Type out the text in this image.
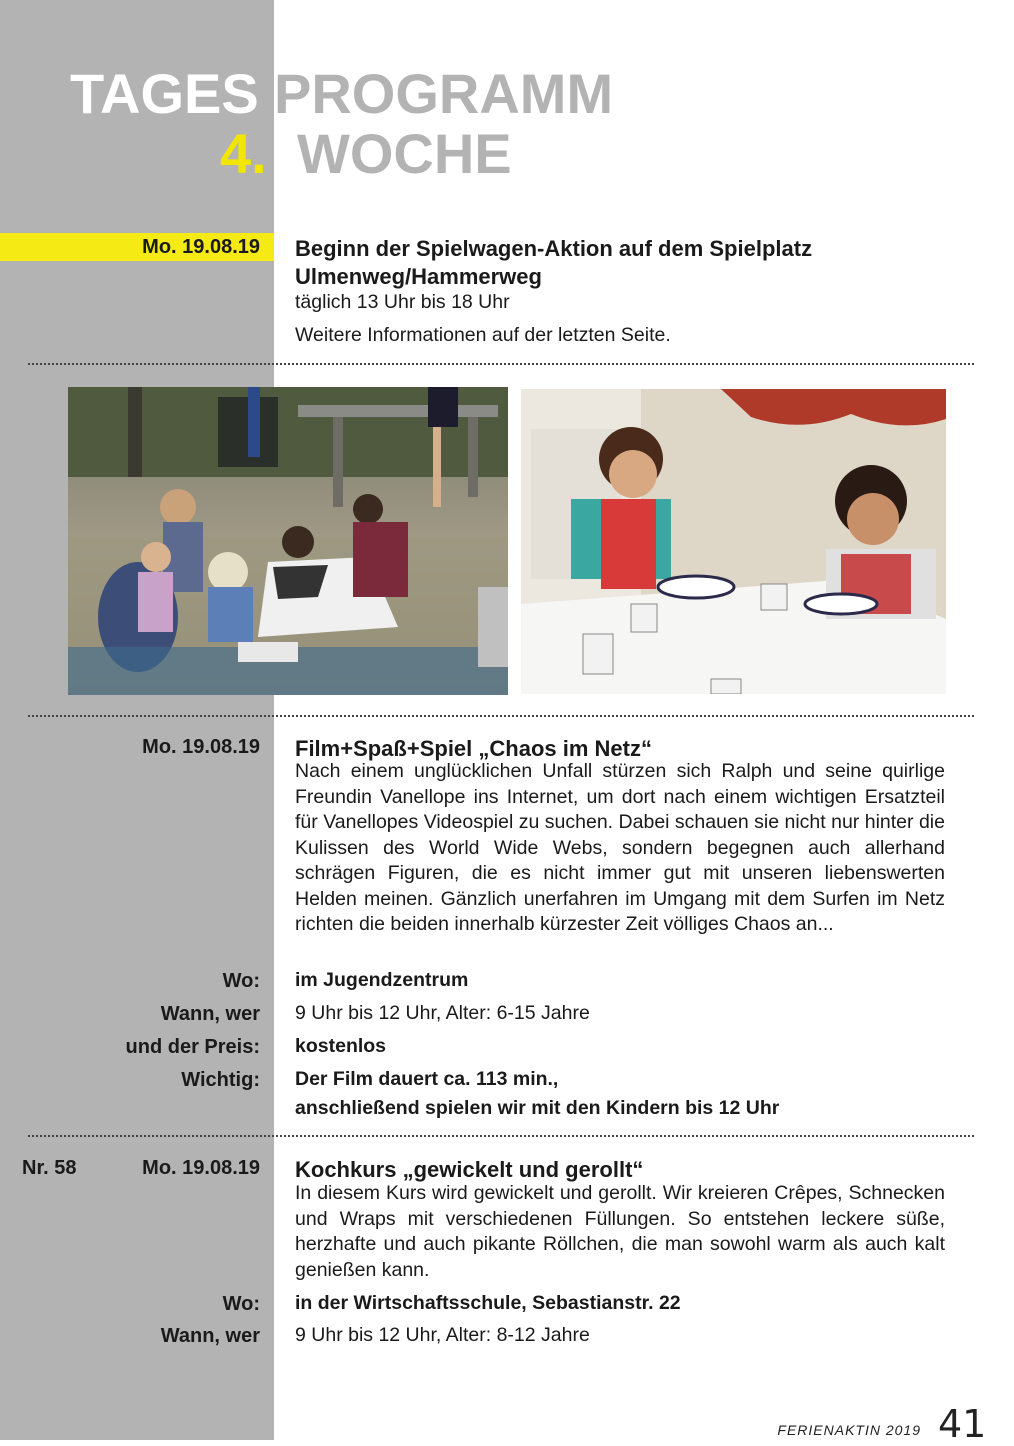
TAGES PROGRAMM
4. WOCHE
Mo. 19.08.19 Beginn der Spielwagen-Aktion auf dem Spielplatz
Ulmenweg/Hammerweg
täglich 13 Uhr bis 18 Uhr
Weitere Informationen auf der letzten Seite.
Mo. 19.08.19 Film+Spaß+Spiel „Chaos im Netz“
Nach einem unglücklichen Unfall stürzen sich Ralph und seine quirlige Freundin Vanellope ins Internet, um dort nach einem wichtigen Ersatzteil für Vanellopes Videospiel zu suchen. Dabei schauen sie nicht nur hinter die Kulissen des World Wide Webs, sondern begegnen auch allerhand schrägen Figuren, die es nicht immer gut mit unseren liebenswerten Helden meinen. Gänzlich unerfahren im Umgang mit dem Surfen im Netz richten die beiden innerhalb kürzester Zeit völliges Chaos an...
Wo: im Jugendzentrum
Wann, wer 9 Uhr bis 12 Uhr, Alter: 6-15 Jahre
und der Preis: kostenlos
Wichtig: Der Film dauert ca. 113 min.,
anschließend spielen wir mit den Kindern bis 12 Uhr
Nr. 58	Mo. 19.08.19 Kochkurs „gewickelt und gerollt“
In diesem Kurs wird gewickelt und gerollt. Wir kreieren Crêpes, Schnecken und Wraps mit verschiedenen Füllungen. So entstehen leckere süße, herzhafte und auch pikante Röllchen, die man sowohl warm als auch kalt genießen kann.
Wo: in der Wirtschaftsschule, Sebastianstr. 22
Wann, wer 9 Uhr bis 12 Uhr, Alter: 8-12 Jahre
FERIENAKTIN 2019 41
